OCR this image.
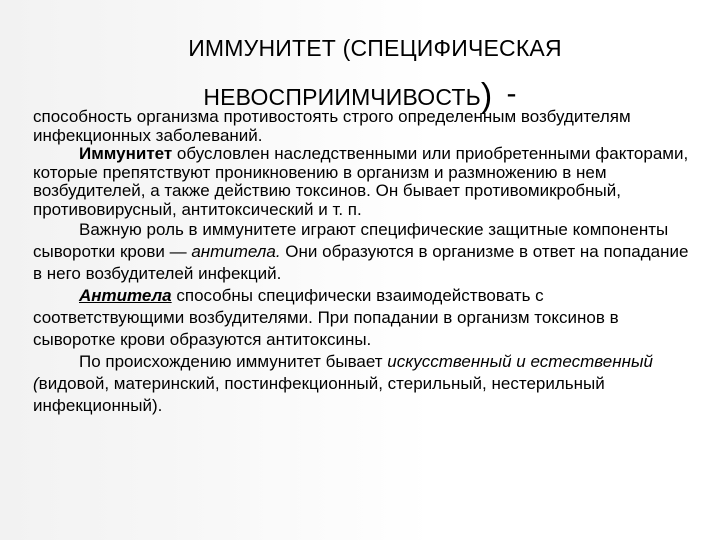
ИММУНИТЕТ (СПЕЦИФИЧЕСКАЯ
НЕВОСПРИИМЧИВОСТЬ) -

способность организма противостоять строго определенным возбудителям инфекционных заболеваний.

Иммунитет обусловлен наследственными или приобретенными факторами, которые препятствуют проникновению в организм и размножению в нем возбудителей, а также действию токсинов. Он бывает противомикробный, противовирусный, антитоксический и т. п.

Важную роль в иммунитете играют специфические защитные компоненты сыворотки крови — антитела. Они образуются в организме в ответ на попадание в него возбудителей инфекций.

Антитела способны специфически взаимодействовать с соответствующими возбудителями. При попадании в организм токсинов в сыворотке крови образуются антитоксины.

По происхождению иммунитет бывает искусственный и естественный (видовой, материнский, постинфекционный, стерильный, нестерильный инфекционный).
